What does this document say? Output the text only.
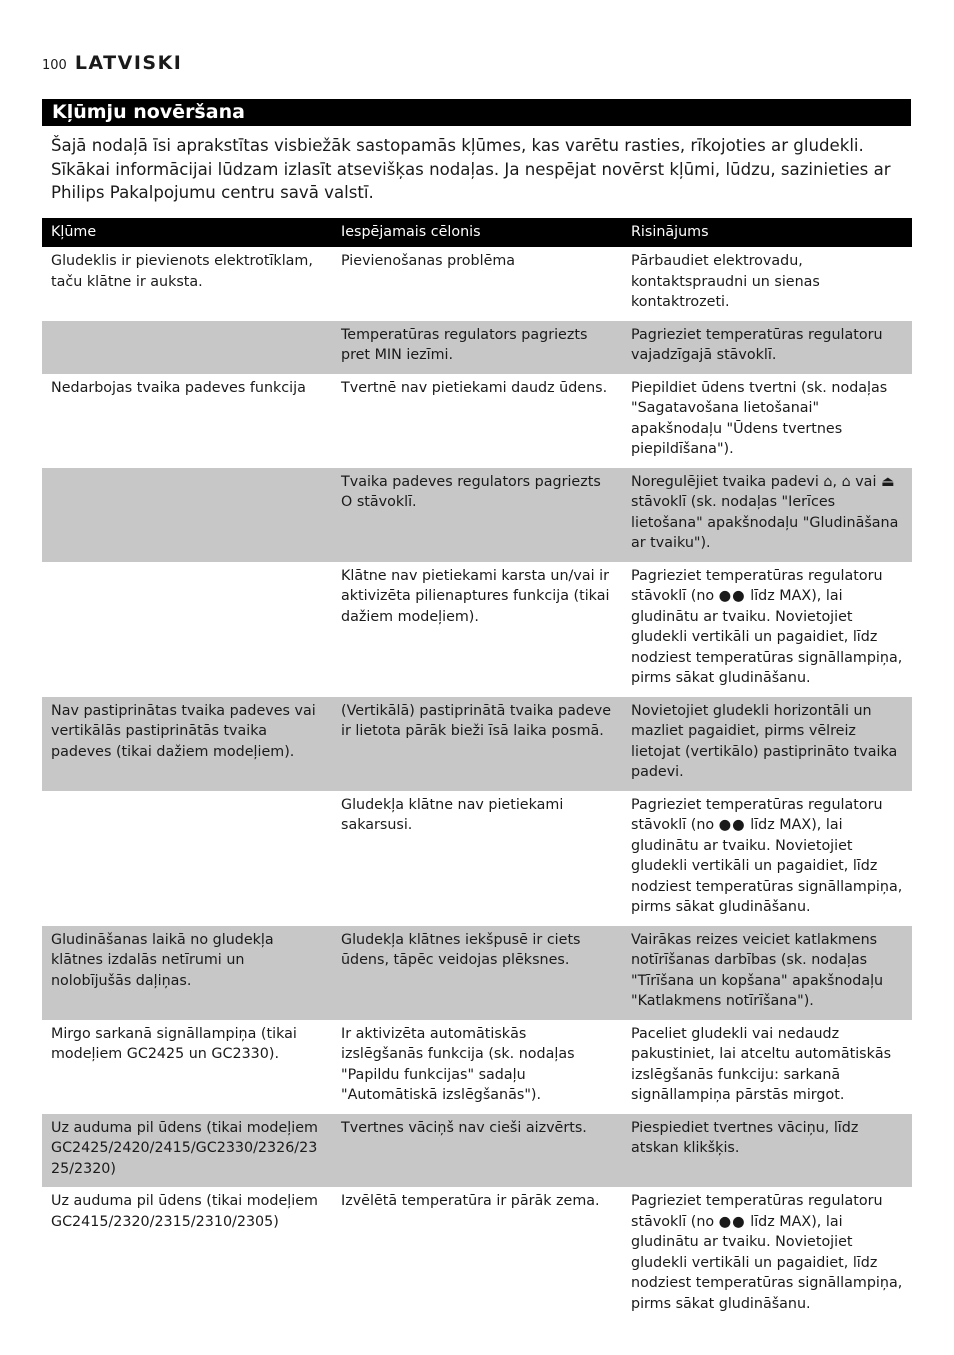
100 LATVISKI
Kļūmju novēršana
Šajā nodaļā īsi aprakstītas visbiežāk sastopamās kļūmes, kas varētu rasties, rīkojoties ar gludekli. Sīkākai informācijai lūdzam izlasīt atsevišķas nodaļas. Ja nespējat novērst kļūmi, lūdzu, sazinieties ar Philips Pakalpojumu centru savā valstī.
Kļūme	Iespējamais cēlonis	Risinājums
Gludeklis ir pievienots elektrotīklam, taču klātne ir auksta.	Pievienošanas problēma	Pārbaudiet elektrovadu, kontaktspraudni un sienas kontaktrozeti.
	Temperatūras regulators pagriezts pret MIN iezīmi.	Pagrieziet temperatūras regulatoru vajadzīgajā stāvoklī.
Nedarbojas tvaika padeves funkcija	Tvertnē nav pietiekami daudz ūdens.	Piepildiet ūdens tvertni (sk. nodaļas "Sagatavošana lietošanai" apakšnodaļu "Ūdens tvertnes piepildīšana").
	Tvaika padeves regulators pagriezts O stāvoklī.	Noregulējiet tvaika padevi ⌂, ⌂ vai ⏏ stāvoklī (sk. nodaļas "Ierīces lietošana" apakšnodaļu "Gludināšana ar tvaiku").
	Klātne nav pietiekami karsta un/vai ir aktivizēta pilienaptures funkcija (tikai dažiem modeļiem).	Pagrieziet temperatūras regulatoru stāvoklī (no ●● līdz MAX), lai gludinātu ar tvaiku. Novietojiet gludekli vertikāli un pagaidiet, līdz nodziest temperatūras signāllampiņa, pirms sākat gludināšanu.
Nav pastiprinātas tvaika padeves vai vertikālās pastiprinātās tvaika padeves (tikai dažiem modeļiem).	(Vertikālā) pastiprinātā tvaika padeve ir lietota pārāk bieži īsā laika posmā.	Novietojiet gludekli horizontāli un mazliet pagaidiet, pirms vēlreiz lietojat (vertikālo) pastiprināto tvaika padevi.
	Gludekļa klātne nav pietiekami sakarsusi.	Pagrieziet temperatūras regulatoru stāvoklī (no ●● līdz MAX), lai gludinātu ar tvaiku. Novietojiet gludekli vertikāli un pagaidiet, līdz nodziest temperatūras signāllampiņa, pirms sākat gludināšanu.
Gludināšanas laikā no gludekļa klātnes izdalās netīrumi un nolobījušās daļiņas.	Gludekļa klātnes iekšpusē ir ciets ūdens, tāpēc veidojas plēksnes.	Vairākas reizes veiciet katlakmens notīrīšanas darbības (sk. nodaļas "Tīrīšana un kopšana" apakšnodaļu "Katlakmens notīrīšana").
Mirgo sarkanā signāllampiņa (tikai modeļiem GC2425 un GC2330).	Ir aktivizēta automātiskās izslēgšanās funkcija (sk. nodaļas "Papildu funkcijas" sadaļu "Automātiskā izslēgšanās").	Paceliet gludekli vai nedaudz pakustiniet, lai atceltu automātiskās izslēgšanās funkciju: sarkanā signāllampiņa pārstās mirgot.
Uz auduma pil ūdens (tikai modeļiem GC2425/2420/2415/GC2330/2326/23 25/2320)	Tvertnes vāciņš nav cieši aizvērts.	Piespiediet tvertnes vāciņu, līdz atskan klikšķis.
Uz auduma pil ūdens (tikai modeļiem GC2415/2320/2315/2310/2305)	Izvēlētā temperatūra ir pārāk zema.	Pagrieziet temperatūras regulatoru stāvoklī (no ●● līdz MAX), lai gludinātu ar tvaiku. Novietojiet gludekli vertikāli un pagaidiet, līdz nodziest temperatūras signāllampiņa, pirms sākat gludināšanu.
